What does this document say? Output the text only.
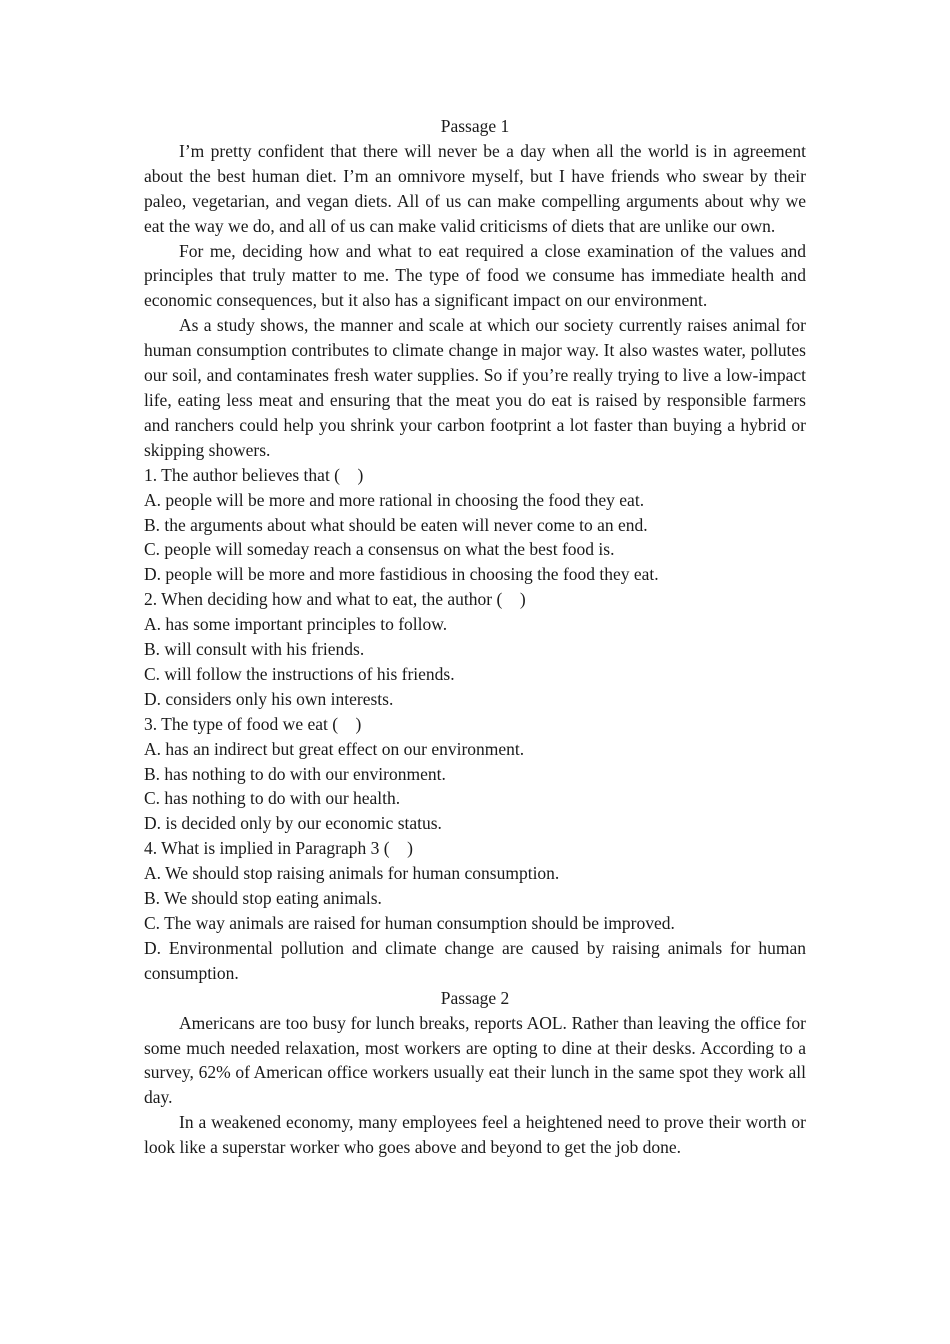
Passage 1

I’m pretty confident that there will never be a day when all the world is in agreement about the best human diet. I’m an omnivore myself, but I have friends who swear by their paleo, vegetarian, and vegan diets. All of us can make compelling arguments about why we eat the way we do, and all of us can make valid criticisms of diets that are unlike our own.

For me, deciding how and what to eat required a close examination of the values and principles that truly matter to me. The type of food we consume has immediate health and economic consequences, but it also has a significant impact on our environment.

As a study shows, the manner and scale at which our society currently raises animal for human consumption contributes to climate change in major way. It also wastes water, pollutes our soil, and contaminates fresh water supplies. So if you’re really trying to live a low-impact life, eating less meat and ensuring that the meat you do eat is raised by responsible farmers and ranchers could help you shrink your carbon footprint a lot faster than buying a hybrid or skipping showers.

1. The author believes that (    )

A. people will be more and more rational in choosing the food they eat.

B. the arguments about what should be eaten will never come to an end.

C. people will someday reach a consensus on what the best food is.

D. people will be more and more fastidious in choosing the food they eat.

2. When deciding how and what to eat, the author (    )

A. has some important principles to follow.

B. will consult with his friends.

C. will follow the instructions of his friends.

D. considers only his own interests.

3. The type of food we eat (    )

A. has an indirect but great effect on our environment.

B. has nothing to do with our environment.

C. has nothing to do with our health.

D. is decided only by our economic status.

4. What is implied in Paragraph 3 (    )

A. We should stop raising animals for human consumption.

B. We should stop eating animals.

C. The way animals are raised for human consumption should be improved.

D. Environmental pollution and climate change are caused by raising animals for human consumption.

Passage 2

Americans are too busy for lunch breaks, reports AOL. Rather than leaving the office for some much needed relaxation, most workers are opting to dine at their desks. According to a survey, 62% of American office workers usually eat their lunch in the same spot they work all day.

In a weakened economy, many employees feel a heightened need to prove their worth or look like a superstar worker who goes above and beyond to get the job done.
